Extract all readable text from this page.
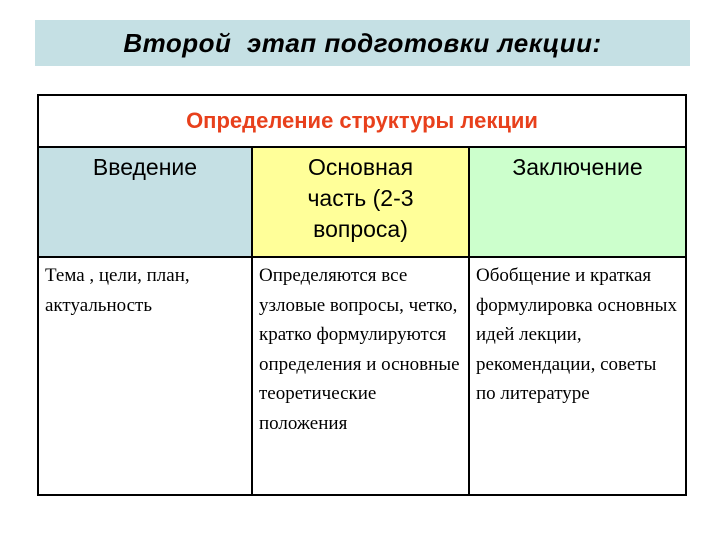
Второй  этап подготовки лекции:
Определение структуры лекции		
Введение	Основная часть (2-3 вопроса)	Заключение
Тема , цели, план, актуальность	Определяются все узловые вопросы, четко, кратко формулируются определения и основные теоретические положения	Обобщение и краткая формулировка основных идей лекции, рекомендации, советы по литературе
